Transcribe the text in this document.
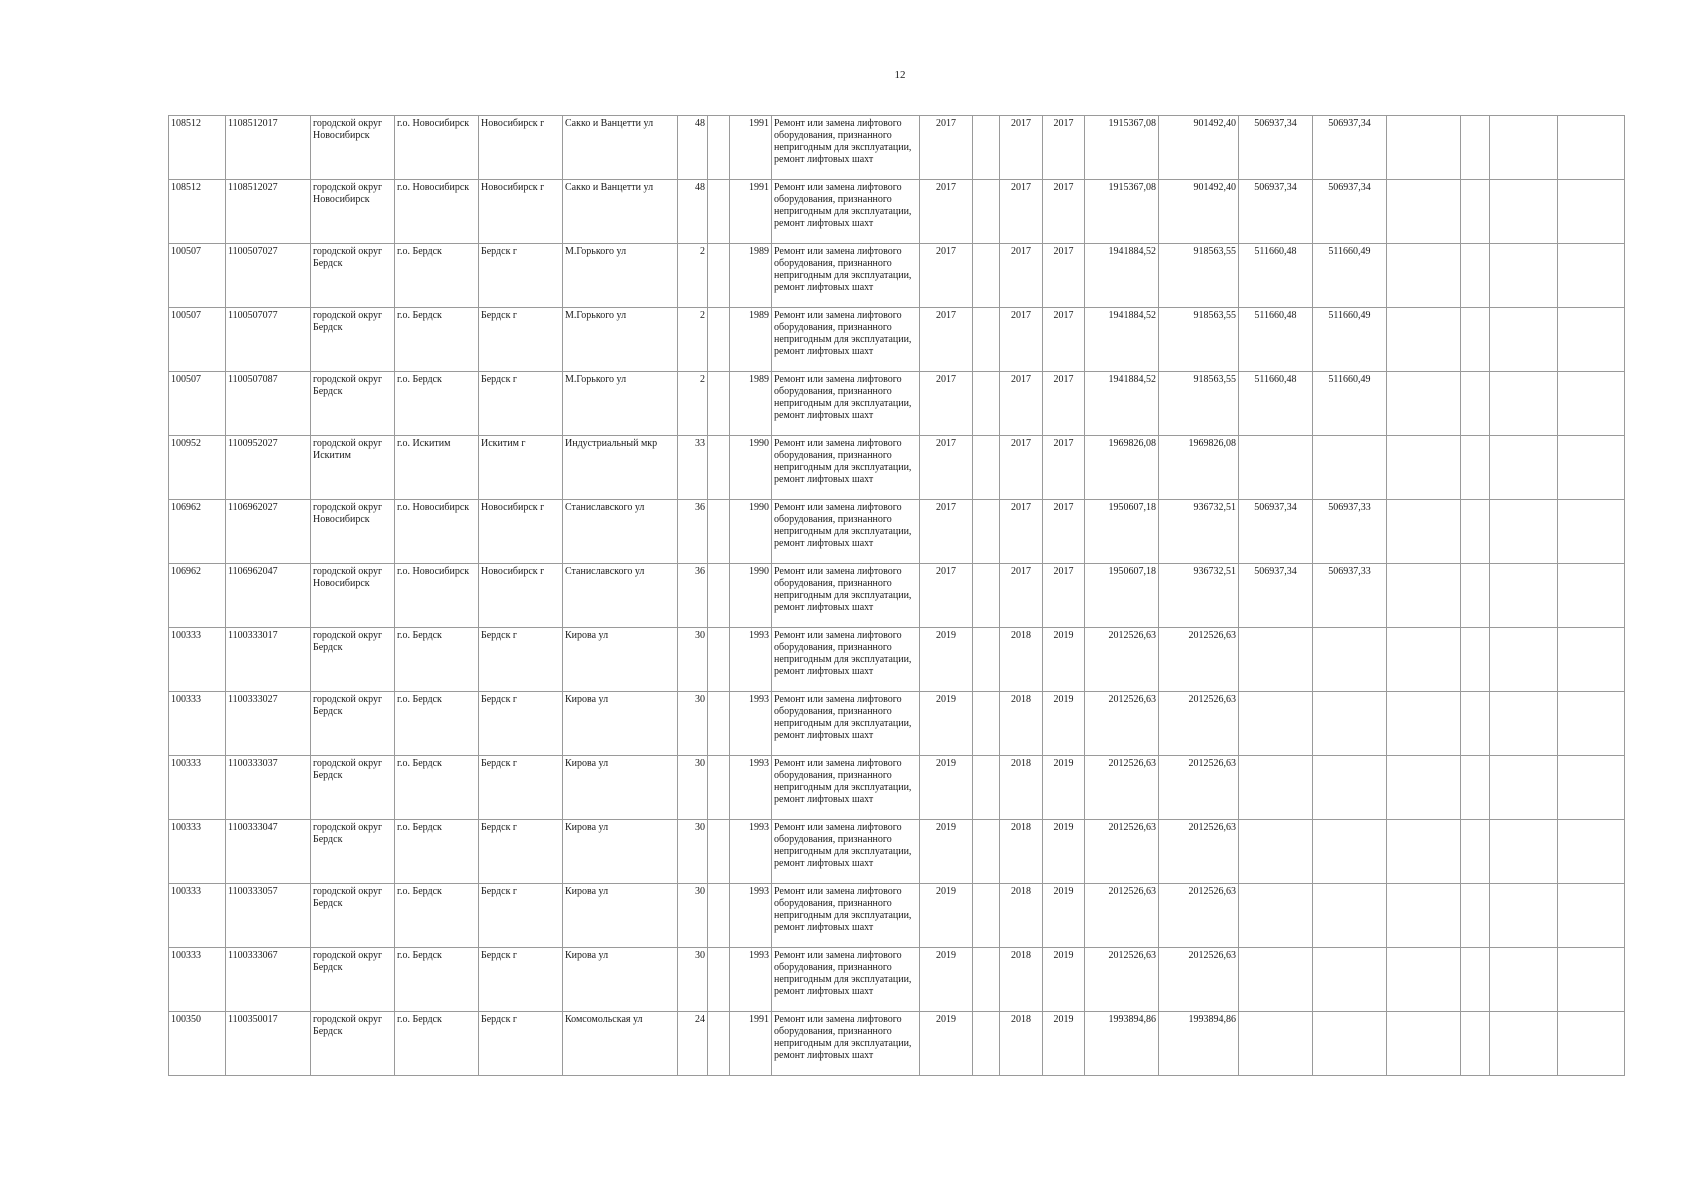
12
108512	1108512017	городской округ Новосибирск	г.о. Новосибирск	Новосибирск г	Сакко и Ванцетти ул	48		1991	Ремонт или замена лифтового оборудования, признанного непригодным для эксплуатации, ремонт лифтовых шахт	2017		2017	2017	1915367,08	901492,40	506937,34	506937,34				
108512	1108512027	городской округ Новосибирск	г.о. Новосибирск	Новосибирск г	Сакко и Ванцетти ул	48		1991	Ремонт или замена лифтового оборудования, признанного непригодным для эксплуатации, ремонт лифтовых шахт	2017		2017	2017	1915367,08	901492,40	506937,34	506937,34				
100507	1100507027	городской округ Бердск	г.о. Бердск	Бердск г	М.Горького ул	2		1989	Ремонт или замена лифтового оборудования, признанного непригодным для эксплуатации, ремонт лифтовых шахт	2017		2017	2017	1941884,52	918563,55	511660,48	511660,49				
100507	1100507077	городской округ Бердск	г.о. Бердск	Бердск г	М.Горького ул	2		1989	Ремонт или замена лифтового оборудования, признанного непригодным для эксплуатации, ремонт лифтовых шахт	2017		2017	2017	1941884,52	918563,55	511660,48	511660,49				
100507	1100507087	городской округ Бердск	г.о. Бердск	Бердск г	М.Горького ул	2		1989	Ремонт или замена лифтового оборудования, признанного непригодным для эксплуатации, ремонт лифтовых шахт	2017		2017	2017	1941884,52	918563,55	511660,48	511660,49				
100952	1100952027	городской округ Искитим	г.о. Искитим	Искитим г	Индустриальный мкр	33		1990	Ремонт или замена лифтового оборудования, признанного непригодным для эксплуатации, ремонт лифтовых шахт	2017		2017	2017	1969826,08	1969826,08						
106962	1106962027	городской округ Новосибирск	г.о. Новосибирск	Новосибирск г	Станиславского ул	36		1990	Ремонт или замена лифтового оборудования, признанного непригодным для эксплуатации, ремонт лифтовых шахт	2017		2017	2017	1950607,18	936732,51	506937,34	506937,33				
106962	1106962047	городской округ Новосибирск	г.о. Новосибирск	Новосибирск г	Станиславского ул	36		1990	Ремонт или замена лифтового оборудования, признанного непригодным для эксплуатации, ремонт лифтовых шахт	2017		2017	2017	1950607,18	936732,51	506937,34	506937,33				
100333	1100333017	городской округ Бердск	г.о. Бердск	Бердск г	Кирова ул	30		1993	Ремонт или замена лифтового оборудования, признанного непригодным для эксплуатации, ремонт лифтовых шахт	2019		2018	2019	2012526,63	2012526,63						
100333	1100333027	городской округ Бердск	г.о. Бердск	Бердск г	Кирова ул	30		1993	Ремонт или замена лифтового оборудования, признанного непригодным для эксплуатации, ремонт лифтовых шахт	2019		2018	2019	2012526,63	2012526,63						
100333	1100333037	городской округ Бердск	г.о. Бердск	Бердск г	Кирова ул	30		1993	Ремонт или замена лифтового оборудования, признанного непригодным для эксплуатации, ремонт лифтовых шахт	2019		2018	2019	2012526,63	2012526,63						
100333	1100333047	городской округ Бердск	г.о. Бердск	Бердск г	Кирова ул	30		1993	Ремонт или замена лифтового оборудования, признанного непригодным для эксплуатации, ремонт лифтовых шахт	2019		2018	2019	2012526,63	2012526,63						
100333	1100333057	городской округ Бердск	г.о. Бердск	Бердск г	Кирова ул	30		1993	Ремонт или замена лифтового оборудования, признанного непригодным для эксплуатации, ремонт лифтовых шахт	2019		2018	2019	2012526,63	2012526,63						
100333	1100333067	городской округ Бердск	г.о. Бердск	Бердск г	Кирова ул	30		1993	Ремонт или замена лифтового оборудования, признанного непригодным для эксплуатации, ремонт лифтовых шахт	2019		2018	2019	2012526,63	2012526,63						
100350	1100350017	городской округ Бердск	г.о. Бердск	Бердск г	Комсомольская ул	24		1991	Ремонт или замена лифтового оборудования, признанного непригодным для эксплуатации, ремонт лифтовых шахт	2019		2018	2019	1993894,86	1993894,86						
